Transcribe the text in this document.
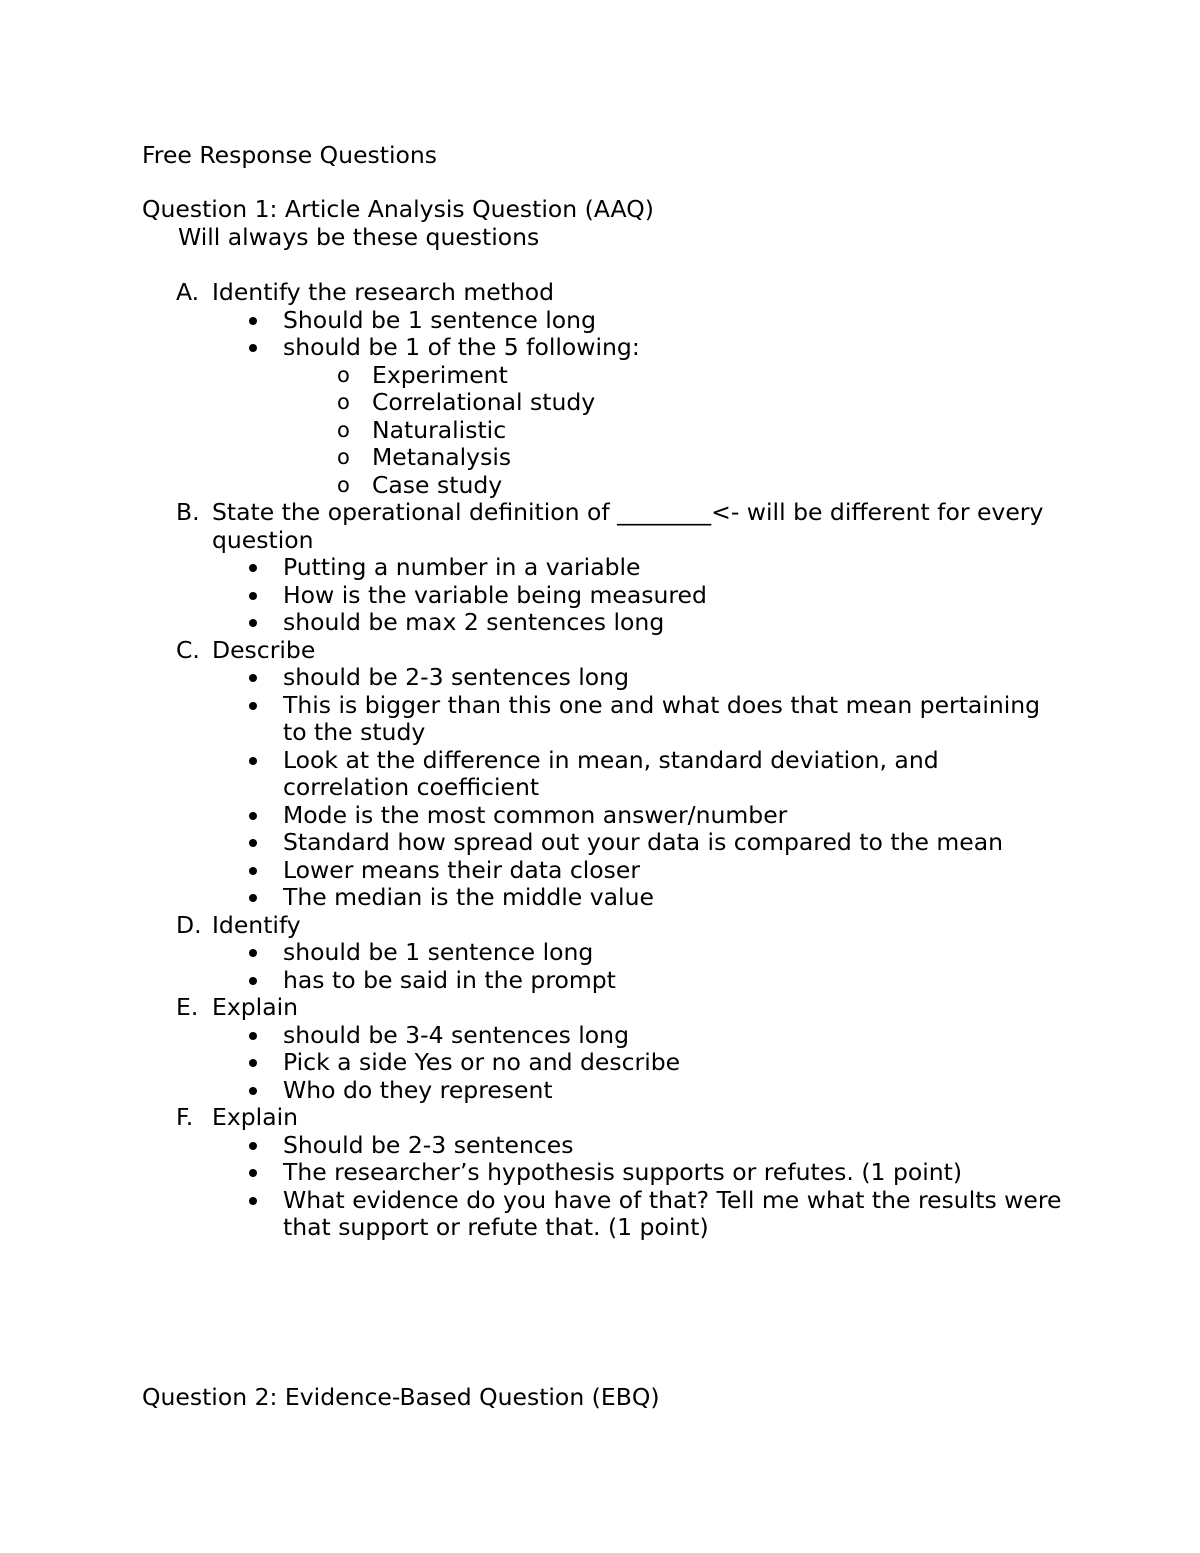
Free Response Questions
Question 1: Article Analysis Question (AAQ)
Will always be these questions
A. Identify the research method
Should be 1 sentence long
should be 1 of the 5 following:
o Experiment
o Correlational study
o Naturalistic
o Metanalysis
o Case study
B. State the operational definition of ________<- will be different for every question
Putting a number in a variable
How is the variable being measured
should be max 2 sentences long
C. Describe
should be 2-3 sentences long
This is bigger than this one and what does that mean pertaining to the study
Look at the difference in mean, standard deviation, and correlation coefficient
Mode is the most common answer/number
Standard how spread out your data is compared to the mean
Lower means their data closer
The median is the middle value
D. Identify
should be 1 sentence long
has to be said in the prompt
E. Explain
should be 3-4 sentences long
Pick a side Yes or no and describe
Who do they represent
F. Explain
Should be 2-3 sentences
The researcher’s hypothesis supports or refutes. (1 point)
What evidence do you have of that? Tell me what the results were that support or refute that. (1 point)
Question 2: Evidence-Based Question (EBQ)
